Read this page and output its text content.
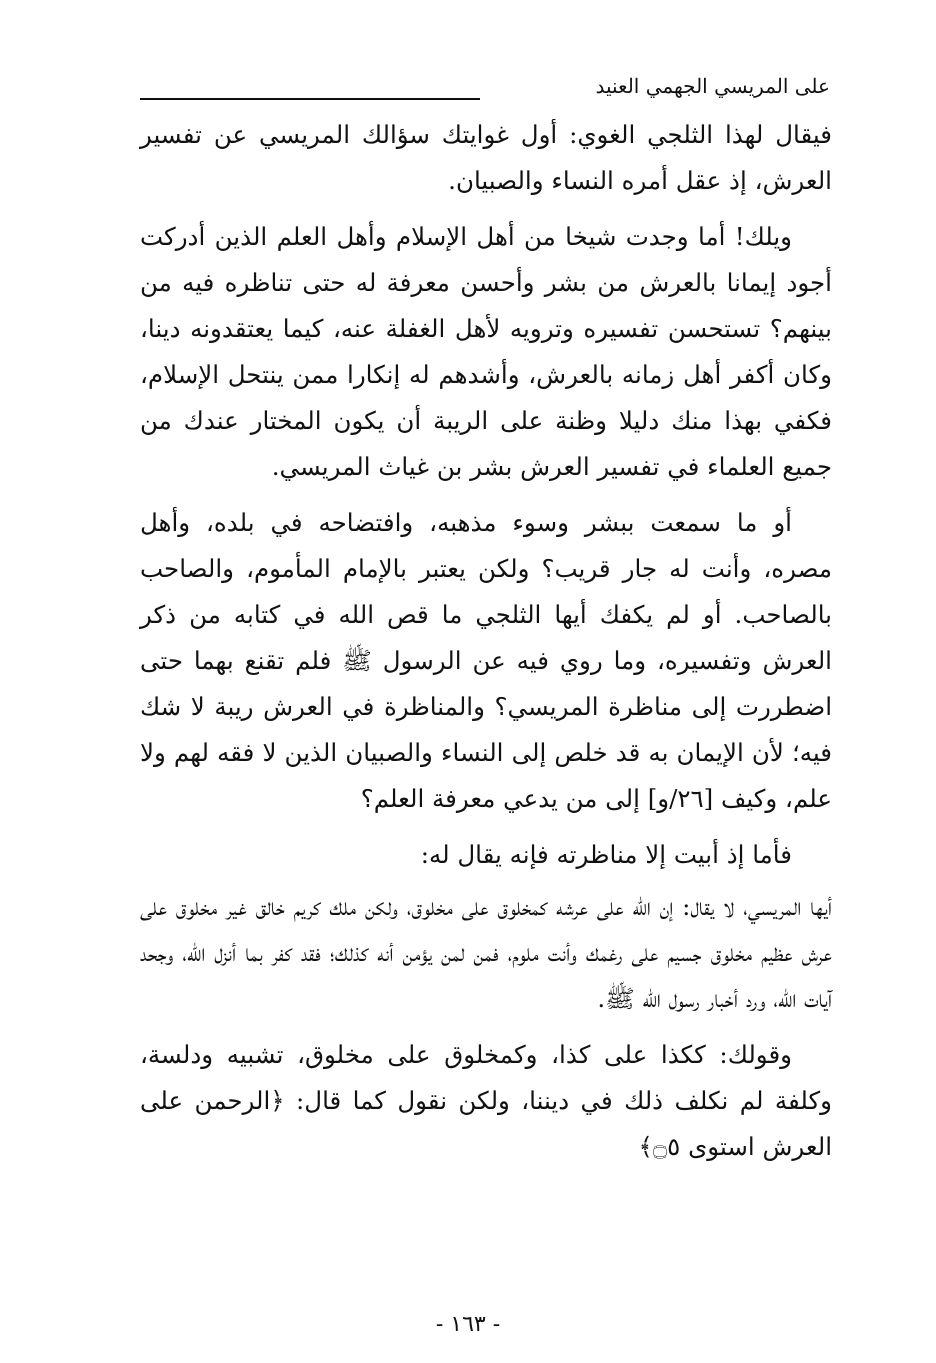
على المريسي الجهمي العنيد

فيقال لهذا الثلجي الغوي: أول غوايتك سؤالك المريسي عن تفسير العرش، إذ عقل أمره النساء والصبيان.

ويلك! أما وجدت شيخا من أهل الإسلام وأهل العلم الذين أدركت أجود إيمانا بالعرش من بشر وأحسن معرفة له حتى تناظره فيه من بينهم؟ تستحسن تفسيره وترويه لأهل الغفلة عنه، كيما يعتقدونه دينا، وكان أكفر أهل زمانه بالعرش، وأشدهم له إنكارا ممن ينتحل الإسلام، فكفي بهذا منك دليلا وظنة على الريبة أن يكون المختار عندك من جميع العلماء في تفسير العرش بشر بن غياث المريسي.

أو ما سمعت ببشر وسوء مذهبه، وافتضاحه في بلده، وأهل مصره، وأنت له جار قريب؟ ولكن يعتبر بالإمام المأموم، والصاحب بالصاحب. أو لم يكفك أيها الثلجي ما قص الله في كتابه من ذكر العرش وتفسيره، وما روي فيه عن الرسول ﷺ فلم تقنع بهما حتى اضطررت إلى مناظرة المريسي؟ والمناظرة في العرش ريبة لا شك فيه؛ لأن الإيمان به قد خلص إلى النساء والصبيان الذين لا فقه لهم ولا علم، وكيف [٢٦/و] إلى من يدعي معرفة العلم؟

فأما إذ أبيت إلا مناظرته فإنه يقال له:

أيها المريسي، لا يقال: إن الله على عرشه كمخلوق على مخلوق، ولكن ملك كريم خالق غير مخلوق على عرش عظيم مخلوق جسيم على رغمك وأنت ملوم، فمن لمن يؤمن أنه كذلك؛ فقد كفر بما أنزل الله، وجحد آيات الله، ورد أخبار رسول الله ﷺ.

وقولك: ككذا على كذا، وكمخلوق على مخلوق، تشبيه ودلسة، وكلفة لم نكلف ذلك في ديننا، ولكن نقول كما قال: ﴿الرحمن على العرش استوى ۝٥﴾

- ١٦٣ -
